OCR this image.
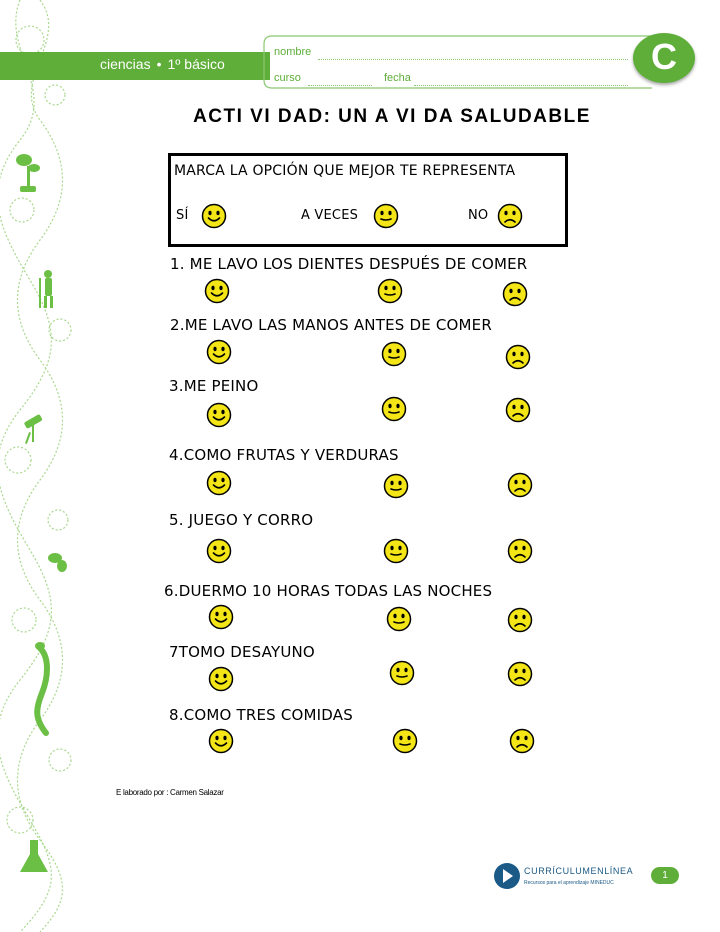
ciencias • 1º básico
nombre
curso	fecha
C
ACTI VI DAD: UN A VI DA SALUDABLE
MARCA LA OPCIÓN QUE MEJOR TE REPRESENTA
SÍ	A VECES	NO
1. ME LAVO LOS DIENTES DESPUÉS DE COMER
2.ME LAVO LAS MANOS ANTES DE COMER
3.ME PEINO
4.COMO FRUTAS Y VERDURAS
5. JUEGO Y CORRO
6.DUERMO 10 HORAS TODAS LAS NOCHES
7TOMO DESAYUNO
8.COMO TRES COMIDAS
E laborado por : Carmen Salazar
CURRÍCULUMENLÍNEA
Recursos para el aprendizaje MINEDUC
1
